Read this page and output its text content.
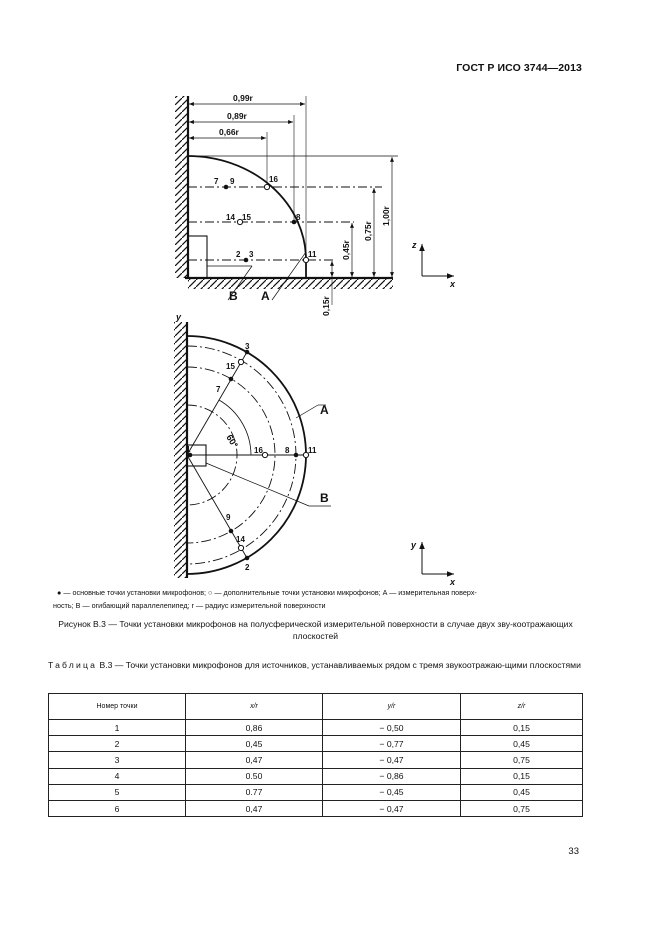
ГОСТ Р ИСО 3744—2013
0,99r
0,89r
0,66r
1,00r
0,75r
0,45r
0,15r
7 9	16
14 15	8
2 3	11
B A
z
x
y
60°
3
15
7
16	8 11
9
14
2
1
A
B
y
x
● — основные точки установки микрофонов; ○ — дополнительные точки установки микрофонов; A — измерительная поверх-
ность; B — огибающий параллелепипед; r — радиус измерительной поверхности
Рисунок В.3 — Точки установки микрофонов на полусферической измерительной поверхности в случае двух зву-коотражающих плоскостей
Таблица В.3 — Точки установки микрофонов для источников, устанавливаемых рядом с тремя звукоотражаю-щими плоскостями
Номер точки	x/r	y/r	z/r
1	0,86	− 0,50	0,15
2	0,45	− 0,77	0,45
3	0,47	− 0,47	0,75
4	0.50	− 0,86	0,15
5	0.77	− 0,45	0,45
6	0,47	− 0,47	0,75
33
